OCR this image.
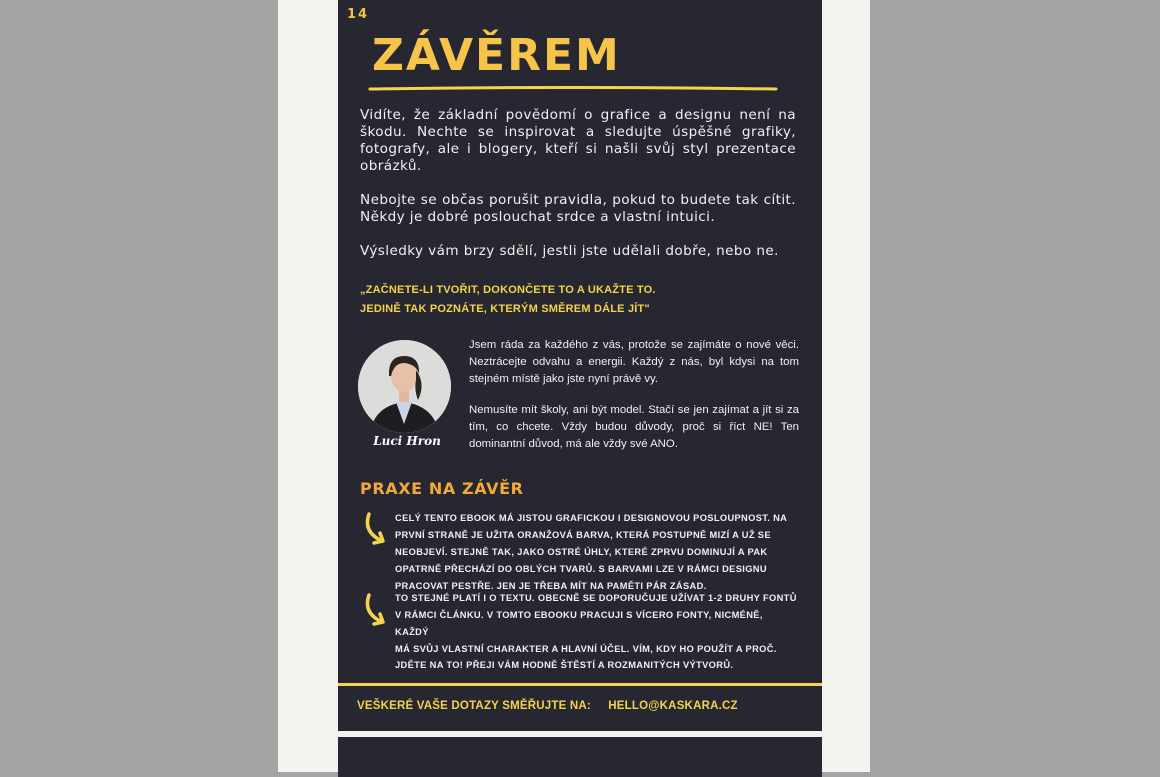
14
ZÁVĚREM

Vidíte, že základní povědomí o grafice a designu není na škodu. Nechte se inspirovat a sledujte úspěšné grafiky, fotografy, ale i blogery, kteří si našli svůj styl prezentace obrázků.

Nebojte se občas porušit pravidla, pokud to budete tak cítit. Někdy je dobré poslouchat srdce a vlastní intuici.

Výsledky vám brzy sdělí, jestli jste udělali dobře, nebo ne.

„ZAČNETE-LI TVOŘIT, DOKONČETE TO A UKAŽTE TO.
JEDINĚ TAK POZNÁTE, KTERÝM SMĚREM DÁLE JÍT"
Luci Hron

Jsem ráda za každého z vás, protože se zajímáte o nové věci. Neztrácejte odvahu a energii. Každý z nás, byl kdysi na tom stejném místě jako jste nyní právě vy.

Nemusíte mít školy, ani být model. Stačí se jen zajímat a jít si za tím, co chcete. Vždy budou důvody, proč si říct NE! Ten dominantní důvod, má ale vždy své ANO.

PRAXE NA ZÁVĚR
CELÝ TENTO EBOOK MÁ JISTOU GRAFICKOU I DESIGNOVOU POSLOUPNOST. NA PRVNÍ STRANĚ JE UŽITA ORANŽOVÁ BARVA, KTERÁ POSTUPNĚ MIZÍ A UŽ SE NEOBJEVÍ. STEJNĚ TAK, JAKO OSTRÉ ÚHLY, KTERÉ ZPRVU DOMINUJÍ A PAK OPATRNĚ PŘECHÁZÍ DO OBLÝCH TVARŮ. S BARVAMI LZE V RÁMCI DESIGNU PRACOVAT PESTŘE. JEN JE TŘEBA MÍT NA PAMĚTI PÁR ZÁSAD.
TO STEJNÉ PLATÍ I O TEXTU. OBECNĚ SE DOPORUČUJE UŽÍVAT 1-2 DRUHY FONTŮ
V RÁMCI ČLÁNKU. V TOMTO EBOOKU PRACUJI S VÍCERO FONTY, NICMÉNĚ, KAŽDÝ
MÁ SVŮJ VLASTNÍ CHARAKTER A HLAVNÍ ÚČEL. VÍM, KDY HO POUŽÍT A PROČ.
JDĚTE NA TO! PŘEJI VÁM HODNĚ ŠTĚSTÍ A ROZMANITÝCH VÝTVORŮ.
VEŠKERÉ VAŠE DOTAZY SMĚŘUJTE NA: HELLO@KASKARA.CZ
